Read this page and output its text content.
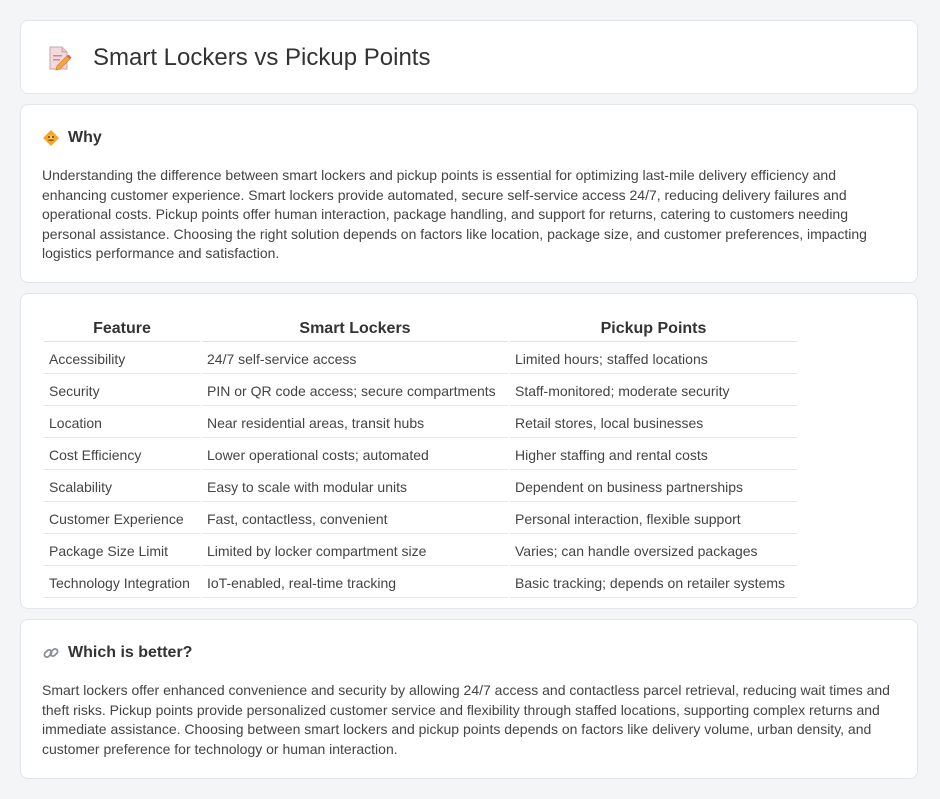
Smart Lockers vs Pickup Points
Why

Understanding the difference between smart lockers and pickup points is essential for optimizing last-mile delivery efficiency and enhancing customer experience. Smart lockers provide automated, secure self-service access 24/7, reducing delivery failures and operational costs. Pickup points offer human interaction, package handling, and support for returns, catering to customers needing personal assistance. Choosing the right solution depends on factors like location, package size, and customer preferences, impacting logistics performance and satisfaction.

Feature	Smart Lockers	Pickup Points
Accessibility	24/7 self-service access	Limited hours; staffed locations
Security	PIN or QR code access; secure compartments	Staff-monitored; moderate security
Location	Near residential areas, transit hubs	Retail stores, local businesses
Cost Efficiency	Lower operational costs; automated	Higher staffing and rental costs
Scalability	Easy to scale with modular units	Dependent on business partnerships
Customer Experience	Fast, contactless, convenient	Personal interaction, flexible support
Package Size Limit	Limited by locker compartment size	Varies; can handle oversized packages
Technology Integration	IoT-enabled, real-time tracking	Basic tracking; depends on retailer systems
Which is better?

Smart lockers offer enhanced convenience and security by allowing 24/7 access and contactless parcel retrieval, reducing wait times and theft risks. Pickup points provide personalized customer service and flexibility through staffed locations, supporting complex returns and immediate assistance. Choosing between smart lockers and pickup points depends on factors like delivery volume, urban density, and customer preference for technology or human interaction.
